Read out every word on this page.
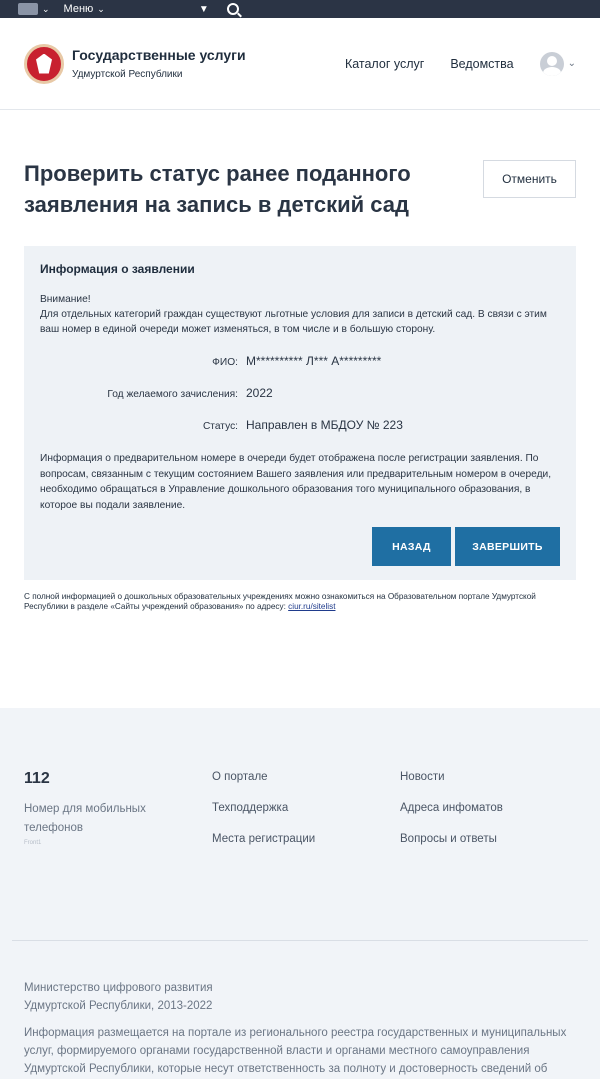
⌄ Меню ⌄	▼
Государственные услуги
Удмуртской Республики
Каталог услуг Ведомства	⌄
Проверить статус ранее поданного заявления на запись в детский сад
Отменить
Информация о заявлении
Внимание!
Для отдельных категорий граждан существуют льготные условия для записи в детский сад. В связи с этим ваш номер в единой очереди может изменяться, в том числе и в большую сторону.
ФИО: М********** Л*** А*********
Год желаемого зачисления: 2022
Статус: Направлен в МБДОУ № 223
Информация о предварительном номере в очереди будет отображена после регистрации заявления. По вопросам, связанным с текущим состоянием Вашего заявления или предварительным номером в очереди, необходимо обращаться в Управление дошкольного образования того муниципального образования, в которое вы подали заявление.
НАЗАД	ЗАВЕРШИТЬ
С полной информацией о дошкольных образовательных учреждениях можно ознакомиться на Образовательном портале Удмуртской Республики в разделе «Сайты учреждений образования» по адресу: ciur.ru/sitelist
112
Номер для мобильных телефонов
Front1
О портале
Техподдержка
Места регистрации
Новости
Адреса инфоматов
Вопросы и ответы
Министерство цифрового развития
Удмуртской Республики, 2013-2022
Информация размещается на портале из регионального реестра государственных и муниципальных услуг, формируемого органами государственной власти и органами местного самоуправления Удмуртской Республики, которые несут ответственность за полноту и достоверность сведений об
